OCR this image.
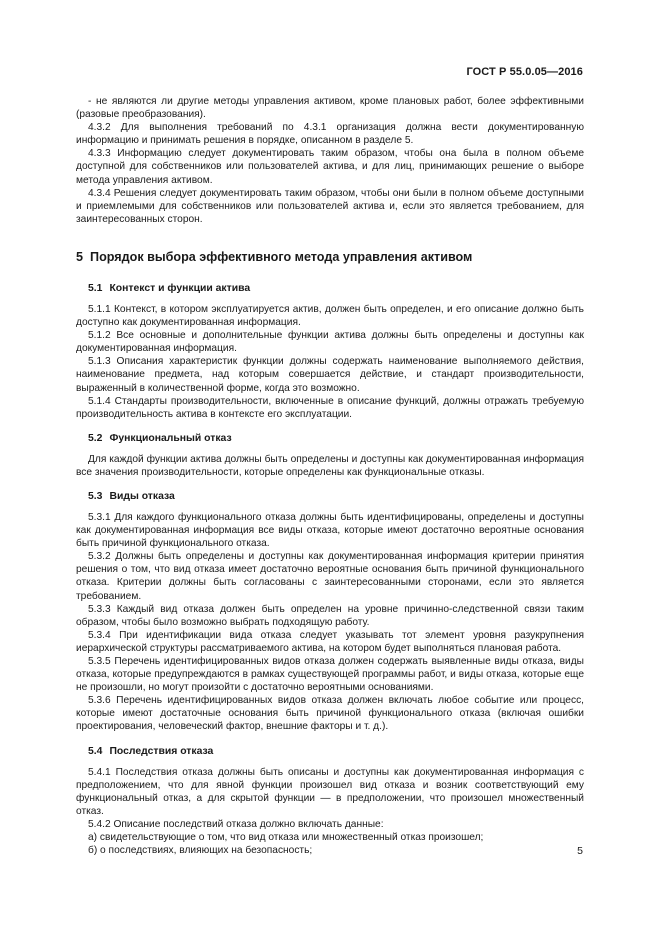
ГОСТ Р 55.0.05—2016

- не являются ли другие методы управления активом, кроме плановых работ, более эффективными (разовые преобразования).

4.3.2 Для выполнения требований по 4.3.1 организация должна вести документированную информацию и принимать решения в порядке, описанном в разделе 5.

4.3.3 Информацию следует документировать таким образом, чтобы она была в полном объеме доступной для собственников или пользователей актива, и для лиц, принимающих решение о выборе метода управления активом.

4.3.4 Решения следует документировать таким образом, чтобы они были в полном объеме доступными и приемлемыми для собственников или пользователей актива и, если это является требованием, для заинтересованных сторон.

5 Порядок выбора эффективного метода управления активом
5.1 Контекст и функции актива

5.1.1 Контекст, в котором эксплуатируется актив, должен быть определен, и его описание должно быть доступно как документированная информация.

5.1.2 Все основные и дополнительные функции актива должны быть определены и доступны как документированная информация.

5.1.3 Описания характеристик функции должны содержать наименование выполняемого действия, наименование предмета, над которым совершается действие, и стандарт производительности, выраженный в количественной форме, когда это возможно.

5.1.4 Стандарты производительности, включенные в описание функций, должны отражать требуемую производительность актива в контексте его эксплуатации.

5.2 Функциональный отказ

Для каждой функции актива должны быть определены и доступны как документированная информация все значения производительности, которые определены как функциональные отказы.

5.3 Виды отказа

5.3.1 Для каждого функционального отказа должны быть идентифицированы, определены и доступны как документированная информация все виды отказа, которые имеют достаточно вероятные основания быть причиной функционального отказа.

5.3.2 Должны быть определены и доступны как документированная информация критерии принятия решения о том, что вид отказа имеет достаточно вероятные основания быть причиной функционального отказа. Критерии должны быть согласованы с заинтересованными сторонами, если это является требованием.

5.3.3 Каждый вид отказа должен быть определен на уровне причинно-следственной связи таким образом, чтобы было возможно выбрать подходящую работу.

5.3.4 При идентификации вида отказа следует указывать тот элемент уровня разукрупнения иерархической структуры рассматриваемого актива, на котором будет выполняться плановая работа.

5.3.5 Перечень идентифицированных видов отказа должен содержать выявленные виды отказа, виды отказа, которые предупреждаются в рамках существующей программы работ, и виды отказа, которые еще не произошли, но могут произойти с достаточно вероятными основаниями.

5.3.6 Перечень идентифицированных видов отказа должен включать любое событие или процесс, которые имеют достаточные основания быть причиной функционального отказа (включая ошибки проектирования, человеческий фактор, внешние факторы и т. д.).

5.4 Последствия отказа

5.4.1 Последствия отказа должны быть описаны и доступны как документированная информация с предположением, что для явной функции произошел вид отказа и возник соответствующий ему функциональный отказ, а для скрытой функции — в предположении, что произошел множественный отказ.

5.4.2 Описание последствий отказа должно включать данные:

а) свидетельствующие о том, что вид отказа или множественный отказ произошел;

б) о последствиях, влияющих на безопасность;	5
